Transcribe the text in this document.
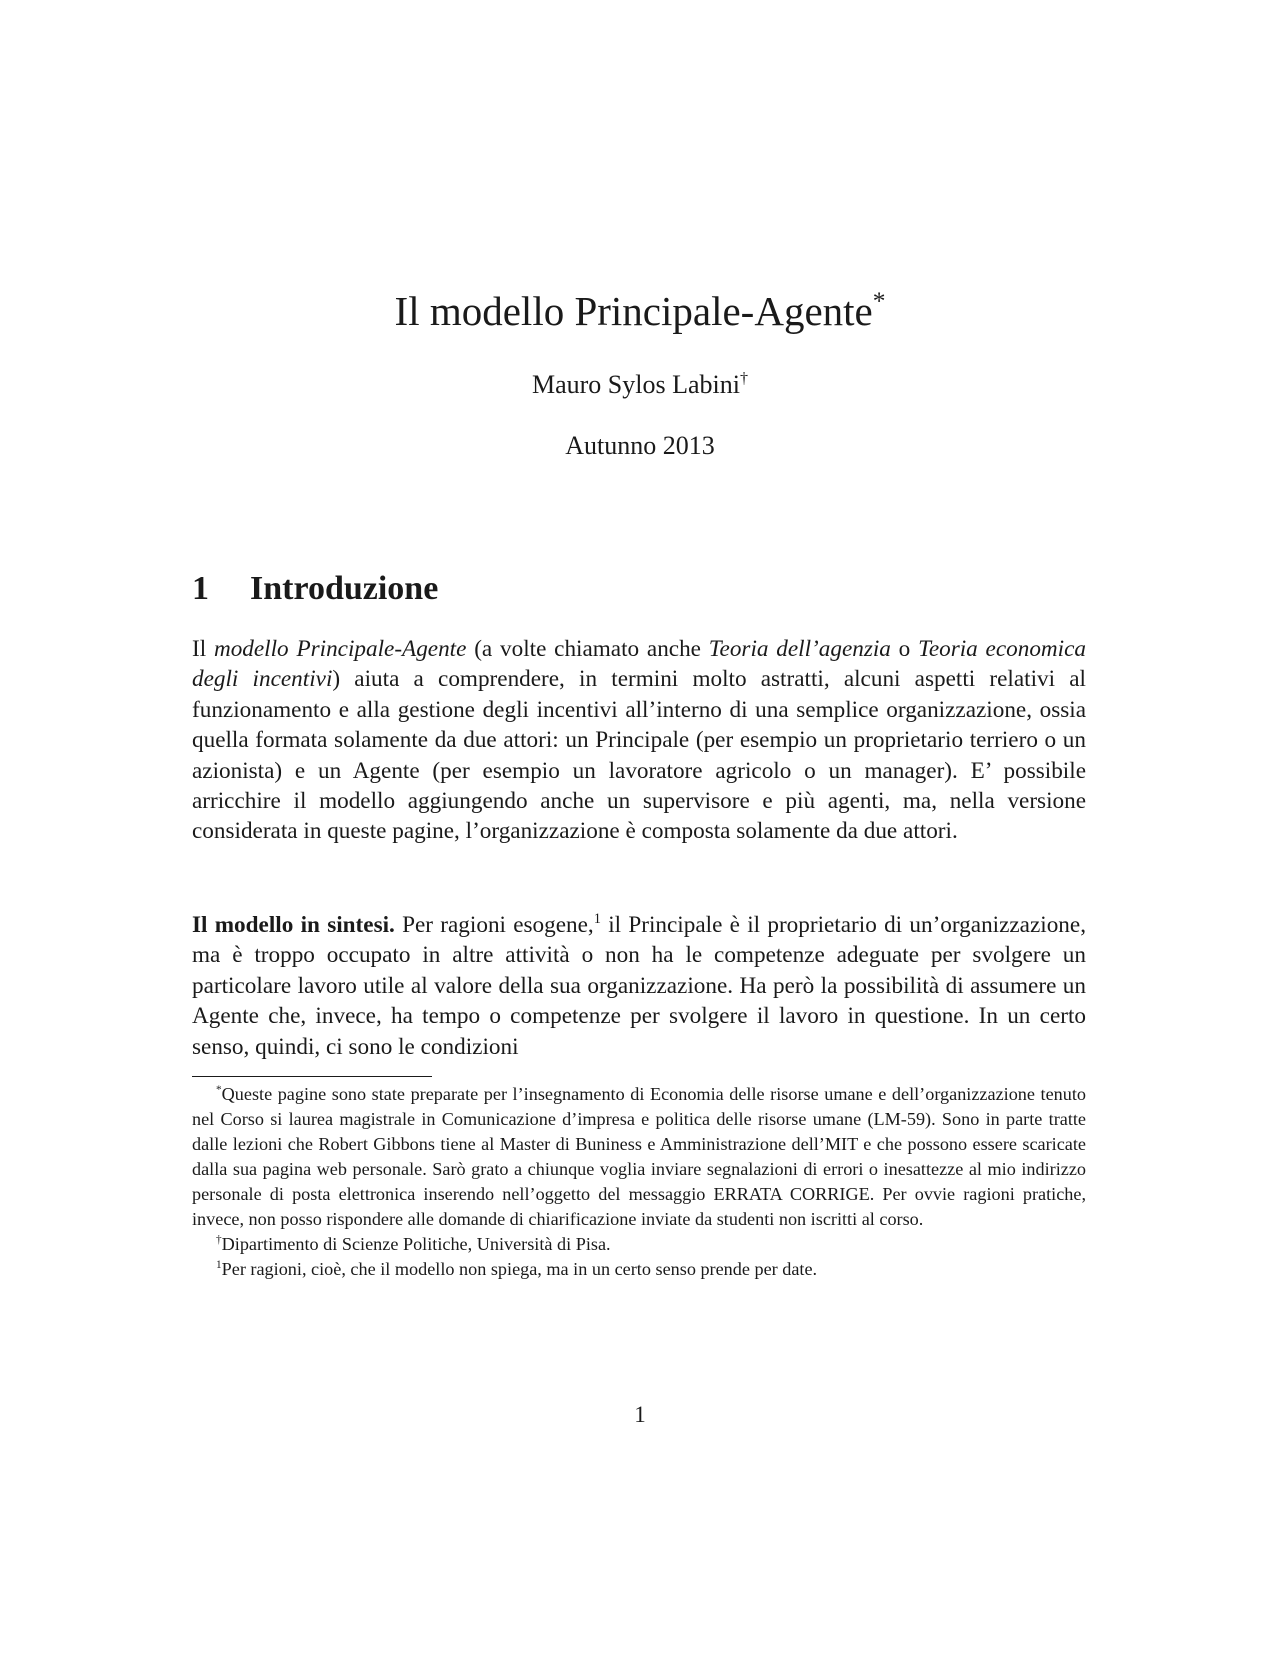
Il modello Principale-Agente*
Mauro Sylos Labini†
Autunno 2013
1 Introduzione

Il modello Principale-Agente (a volte chiamato anche Teoria dell’agenzia o Teoria economica degli incentivi) aiuta a comprendere, in termini molto astratti, alcuni aspetti relativi al funzionamento e alla gestione degli incentivi all’interno di una semplice organizzazione, ossia quella formata solamente da due attori: un Principale (per esempio un proprietario terriero o un azionista) e un Agente (per esempio un lavoratore agricolo o un manager). E’ possibile arricchire il modello aggiungendo anche un supervisore e più agenti, ma, nella versione considerata in queste pagine, l’organizzazione è composta solamente da due attori.

Il modello in sintesi. Per ragioni esogene,$^1$ il Principale è il proprietario di un’organizzazione, ma è troppo occupato in altre attività o non ha le competenze adeguate per svolgere un particolare lavoro utile al valore della sua organizzazione. Ha però la possibilità di assumere un Agente che, invece, ha tempo o competenze per svolgere il lavoro in questione. In un certo senso, quindi, ci sono le condizioni

*Queste pagine sono state preparate per l’insegnamento di Economia delle risorse umane e dell’organizzazione tenuto nel Corso si laurea magistrale in Comunicazione d’impresa e politica delle risorse umane (LM-59). Sono in parte tratte dalle lezioni che Robert Gibbons tiene al Master di Buniness e Amministrazione dell’MIT e che possono essere scaricate dalla sua pagina web personale. Sarò grato a chiunque voglia inviare segnalazioni di errori o inesattezze al mio indirizzo personale di posta elettronica inserendo nell’oggetto del messaggio ERRATA CORRIGE. Per ovvie ragioni pratiche, invece, non posso rispondere alle domande di chiarificazione inviate da studenti non iscritti al corso.

†Dipartimento di Scienze Politiche, Università di Pisa.

$^1$Per ragioni, cioè, che il modello non spiega, ma in un certo senso prende per date.

1
